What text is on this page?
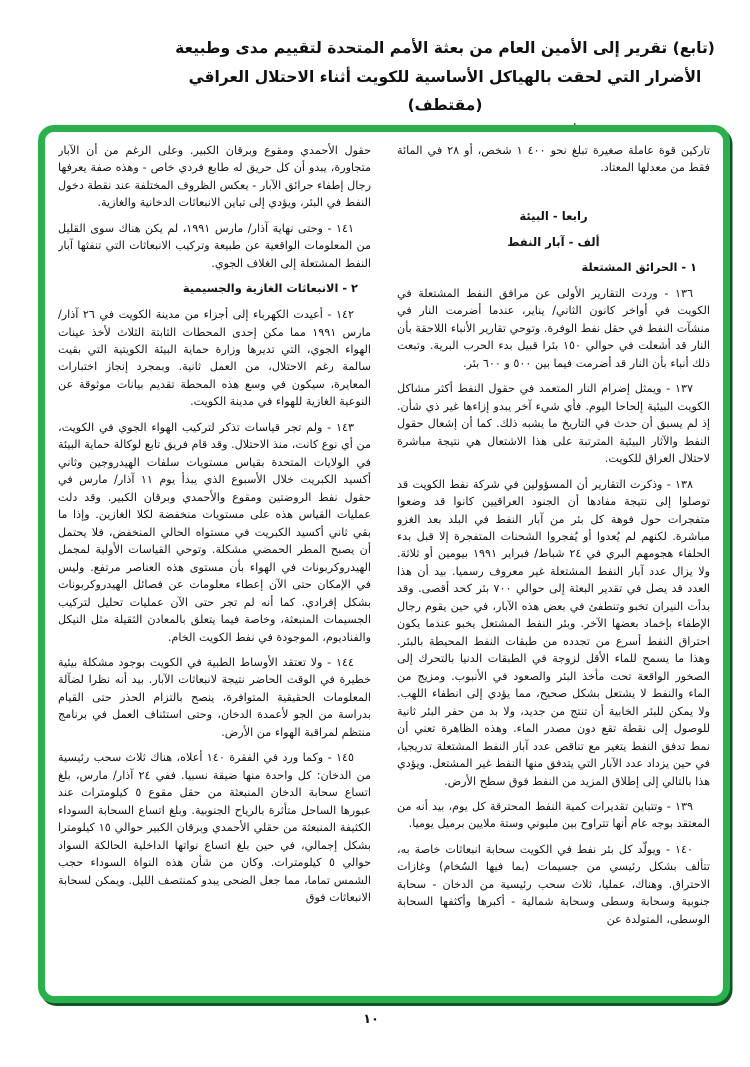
(تابع) تقرير إلى الأمين العام من بعثة الأمم المتحدة لتقييم مدى وطبيعة
الأضرار التي لحقت بالهياكل الأساسية للكويت أثناء الاحتلال العراقي (مقتطف)

تاركين قوة عاملة صغيرة تبلغ نحو ٤٠٠ ١ شخص، أو ٢٨ في المائة فقط من معدلها المعتاد.

رابعا - البيئة

ألف - آبار النفط

١ - الحرائق المشتعلة

١٣٦ - وردت التقارير الأولى عن مرافق النفط المشتعلة في الكويت في أواخر كانون الثاني/ يناير، عندما أضرمت النار في منشآت النفط في حقل نفط الوفرة. وتوحي تقارير الأنباء اللاحقة بأن النار قد أشعلت في حوالي ١٥٠ بئرا قبيل بدء الحرب البرية. وتبعت ذلك أنباء بأن النار قد أضرمت فيما بين ٥٠٠ و ٦٠٠ بئر.

١٣٧ - ويمثل إضرام النار المتعمد في حقول النفط أكثر مشاكل الكويت البيئية إلحاحا اليوم. فأي شيء آخر يبدو إزاءها غير ذي شأن. إذ لم يسبق أن حدث في التاريخ ما يشبه ذلك. كما أن إشعال حقول النفط والآثار البيئية المترتبة على هذا الاشتعال هي نتيجة مباشرة لاحتلال العراق للكويت.

١٣٨ - وذكرت التقارير أن المسؤولين في شركة نفط الكويت قد توصلوا إلى نتيجة مفادها أن الجنود العراقيين كانوا قد وضعوا متفجرات حول فوهة كل بئر من آبار النفط في البلد بعد الغزو مباشرة. لكنهم لم يُعدوا أو يُفجروا الشحنات المتفجرة إلا قبل بدء الحلفاء هجومهم البري في ٢٤ شباط/ فبراير ١٩٩١ بيومين أو ثلاثة. ولا يزال عدد آبار النفط المشتعلة غير معروف رسميا. بيد أن هذا العدد قد يصل في تقدير البعثة إلى حوالي ٧٠٠ بئر كحد أقصى. وقد بدأت النيران تخبو وتنطفئ في بعض هذه الآبار، في حين يقوم رجال الإطفاء بإخماد بعضها الآخر. وبئر النفط المشتعل يخبو عندما يكون احتراق النفط أسرع من تجدده من طبقات النفط المحيطة بالبئر. وهذا ما يسمح للماء الأقل لزوجة في الطبقات الدنيا بالتحرك إلى الصخور الواقعة تحت مأخذ البئر والصعود في الأنبوب. ومزيج من الماء والنفط لا يشتعل بشكل صحيح، مما يؤدي إلى انطفاء اللهب. ولا يمكن للبئر الخابية أن تنتج من جديد، ولا بد من حفر البئر ثانية للوصول إلى نقطة تقع دون مصدر الماء. وهذه الظاهرة تعني أن نمط تدفق النفط يتغير مع تناقص عدد آبار النفط المشتعلة تدريجيا، في حين يزداد عدد الآبار التي يتدفق منها النفط غير المشتعل. ويؤدي هذا بالتالي إلى إطلاق المزيد من النفط فوق سطح الأرض.

١٣٩ - وتتباين تقديرات كمية النفط المحترقة كل يوم، بيد أنه من المعتقد بوجه عام أنها تتراوح بين مليوني وستة ملايين برميل يوميا.

١٤٠ - ويولّد كل بئر نفط في الكويت سحابة انبعاثات خاصة به، تتألف بشكل رئيسي من جسيمات (بما فيها السُخام) وغازات الاحتراق. وهناك، عمليا، ثلاث سحب رئيسية من الدخان - سحابة جنوبية وسحابة وسطى وسحابة شمالية - أكبرها وأكثفها السحابة الوسطى، المتولدة عن

حقول الأحمدي ومقوع وبرقان الكبير. وعلى الرغم من أن الآبار متجاورة، يبدو أن كل حريق له طابع فردي خاص - وهذه صفة يعرفها رجال إطفاء حرائق الآبار - يعكس الظروف المختلفة عند نقطة دخول النفط في البئر، ويؤدي إلى تباين الانبعاثات الدخانية والغازية.

١٤١ - وحتى نهاية آذار/ مارس ١٩٩١، لم يكن هناك سوى القليل من المعلومات الواقعية عن طبيعة وتركيب الانبعاثات التي تنفثها آبار النفط المشتعلة إلى الغلاف الجوي.

٢ - الانبعاثات الغازية والجسيمية

١٤٢ - أعيدت الكهرباء إلى أجزاء من مدينة الكويت في ٢٦ آذار/ مارس ١٩٩١ مما مكن إحدى المحطات الثابتة الثلاث لأخذ عينات الهواء الجوي، التي تديرها وزارة حماية البيئة الكويتية التي بقيت سالمة رغم الاحتلال، من العمل ثانية. وبمجرد إنجاز اختبارات المعايرة، سيكون في وسع هذه المحطة تقديم بيانات موثوقة عن النوعية الغازية للهواء في مدينة الكويت.

١٤٣ - ولم تجر قياسات تذكر لتركيب الهواء الجوي في الكويت، من أي نوع كانت، منذ الاحتلال. وقد قام فريق تابع لوكالة حماية البيئة في الولايات المتحدة بقياس مستويات سلفات الهيدروجين وثاني أكسيد الكبريت خلال الأسبوع الذي يبدأ يوم ١١ آذار/ مارس في حقول نفط الروضتين ومقوع والأحمدي وبرقان الكبير. وقد دلت عمليات القياس هذه على مستويات منخفضة لكلا الغازين. وإذا ما بقي ثاني أكسيد الكبريت في مستواه الحالي المنخفض، فلا يحتمل أن يصبح المطر الحمضي مشكلة. وتوحي القياسات الأولية لمجمل الهيدروكربونات في الهواء بأن مستوى هذه العناصر مرتفع. وليس في الإمكان حتى الآن إعطاء معلومات عن فصائل الهيدروكربونات بشكل إفرادي. كما أنه لم تجر حتى الآن عمليات تحليل لتركيب الجسيمات المنبعثة، وخاصة فيما يتعلق بالمعادن الثقيلة مثل النيكل والفناديوم، الموجودة في نفط الكويت الخام.

١٤٤ - ولا تعتقد الأوساط الطبية في الكويت بوجود مشكلة بيئية خطيرة في الوقت الحاضر نتيجة لانبعاثات الآبار. بيد أنه نظرا لضآلة المعلومات الحقيقية المتوافرة، ينصح بالتزام الحذر حتى القيام بدراسة من الجو لأعمدة الدخان، وحتى استئناف العمل في برنامج منتظم لمراقبة الهواء من الأرض.

١٤٥ - وكما ورد في الفقرة ١٤٠ أعلاه، هناك ثلاث سحب رئيسية من الدخان: كل واحدة منها ضيقة نسبيا. ففي ٢٤ آذار/ مارس، بلغ اتساع سحابة الدخان المنبعثة من حقل مقوع ٥ كيلومترات عند عبورها الساحل متأثرة بالرياح الجنوبية. وبلغ اتساع السحابة السوداء الكثيفة المنبعثة من حقلي الأحمدي وبرقان الكبير حوالي ١٥ كيلومترا بشكل إجمالي، في حين بلغ اتساع نواتها الداخلية الحالكة السواد حوالي ٥ كيلومترات. وكان من شأن هذه النواة السوداء حجب الشمس تماما، مما جعل الضحى يبدو كمنتصف الليل. ويمكن لسحابة الانبعاثات فوق

١٠
